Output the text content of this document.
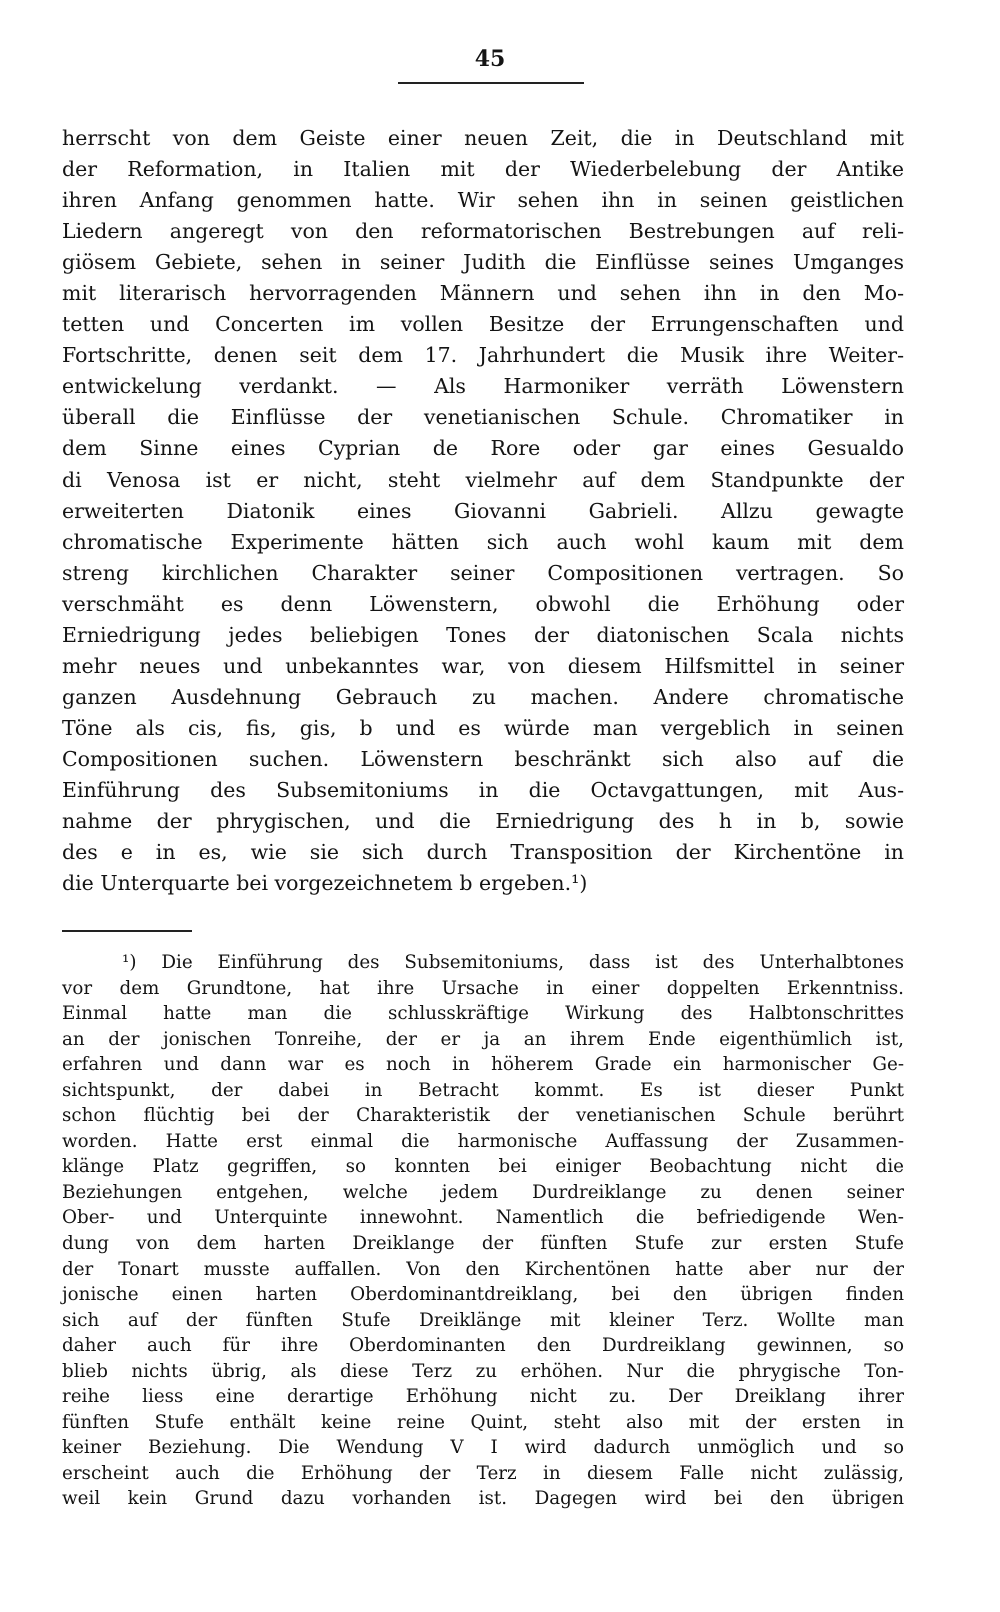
45
herrscht von dem Geiste einer neuen Zeit, die in Deutschland mit
der Reformation, in Italien mit der Wiederbelebung der Antike
ihren Anfang genommen hatte. Wir sehen ihn in seinen geistlichen
Liedern angeregt von den reformatorischen Bestrebungen auf reli-
giösem Gebiete, sehen in seiner Judith die Einflüsse seines Umganges
mit literarisch hervorragenden Männern und sehen ihn in den Mo-
tetten und Concerten im vollen Besitze der Errungenschaften und
Fortschritte, denen seit dem 17. Jahrhundert die Musik ihre Weiter-
entwickelung verdankt. — Als Harmoniker verräth Löwenstern
überall die Einflüsse der venetianischen Schule. Chromatiker in
dem Sinne eines Cyprian de Rore oder gar eines Gesualdo
di Venosa ist er nicht, steht vielmehr auf dem Standpunkte der
erweiterten Diatonik eines Giovanni Gabrieli. Allzu gewagte
chromatische Experimente hätten sich auch wohl kaum mit dem
streng kirchlichen Charakter seiner Compositionen vertragen. So
verschmäht es denn Löwenstern, obwohl die Erhöhung oder
Erniedrigung jedes beliebigen Tones der diatonischen Scala nichts
mehr neues und unbekanntes war, von diesem Hilfsmittel in seiner
ganzen Ausdehnung Gebrauch zu machen. Andere chromatische
Töne als cis, fis, gis, b und es würde man vergeblich in seinen
Compositionen suchen. Löwenstern beschränkt sich also auf die
Einführung des Subsemitoniums in die Octavgattungen, mit Aus-
nahme der phrygischen, und die Erniedrigung des h in b, sowie
des e in es, wie sie sich durch Transposition der Kirchentöne in
die Unterquarte bei vorgezeichnetem b ergeben.¹)
¹) Die Einführung des Subsemitoniums, dass ist des Unterhalbtones
vor dem Grundtone, hat ihre Ursache in einer doppelten Erkenntniss.
Einmal hatte man die schlusskräftige Wirkung des Halbtonschrittes
an der jonischen Tonreihe, der er ja an ihrem Ende eigenthümlich ist,
erfahren und dann war es noch in höherem Grade ein harmonischer Ge-
sichtspunkt, der dabei in Betracht kommt. Es ist dieser Punkt
schon flüchtig bei der Charakteristik der venetianischen Schule berührt
worden. Hatte erst einmal die harmonische Auffassung der Zusammen-
klänge Platz gegriffen, so konnten bei einiger Beobachtung nicht die
Beziehungen entgehen, welche jedem Durdreiklange zu denen seiner
Ober- und Unterquinte innewohnt. Namentlich die befriedigende Wen-
dung von dem harten Dreiklange der fünften Stufe zur ersten Stufe
der Tonart musste auffallen. Von den Kirchentönen hatte aber nur der
jonische einen harten Oberdominantdreiklang, bei den übrigen finden
sich auf der fünften Stufe Dreiklänge mit kleiner Terz. Wollte man
daher auch für ihre Oberdominanten den Durdreiklang gewinnen, so
blieb nichts übrig, als diese Terz zu erhöhen. Nur die phrygische Ton-
reihe liess eine derartige Erhöhung nicht zu. Der Dreiklang ihrer
fünften Stufe enthält keine reine Quint, steht also mit der ersten in
keiner Beziehung. Die Wendung V I wird dadurch unmöglich und so
erscheint auch die Erhöhung der Terz in diesem Falle nicht zulässig,
weil kein Grund dazu vorhanden ist. Dagegen wird bei den übrigen
